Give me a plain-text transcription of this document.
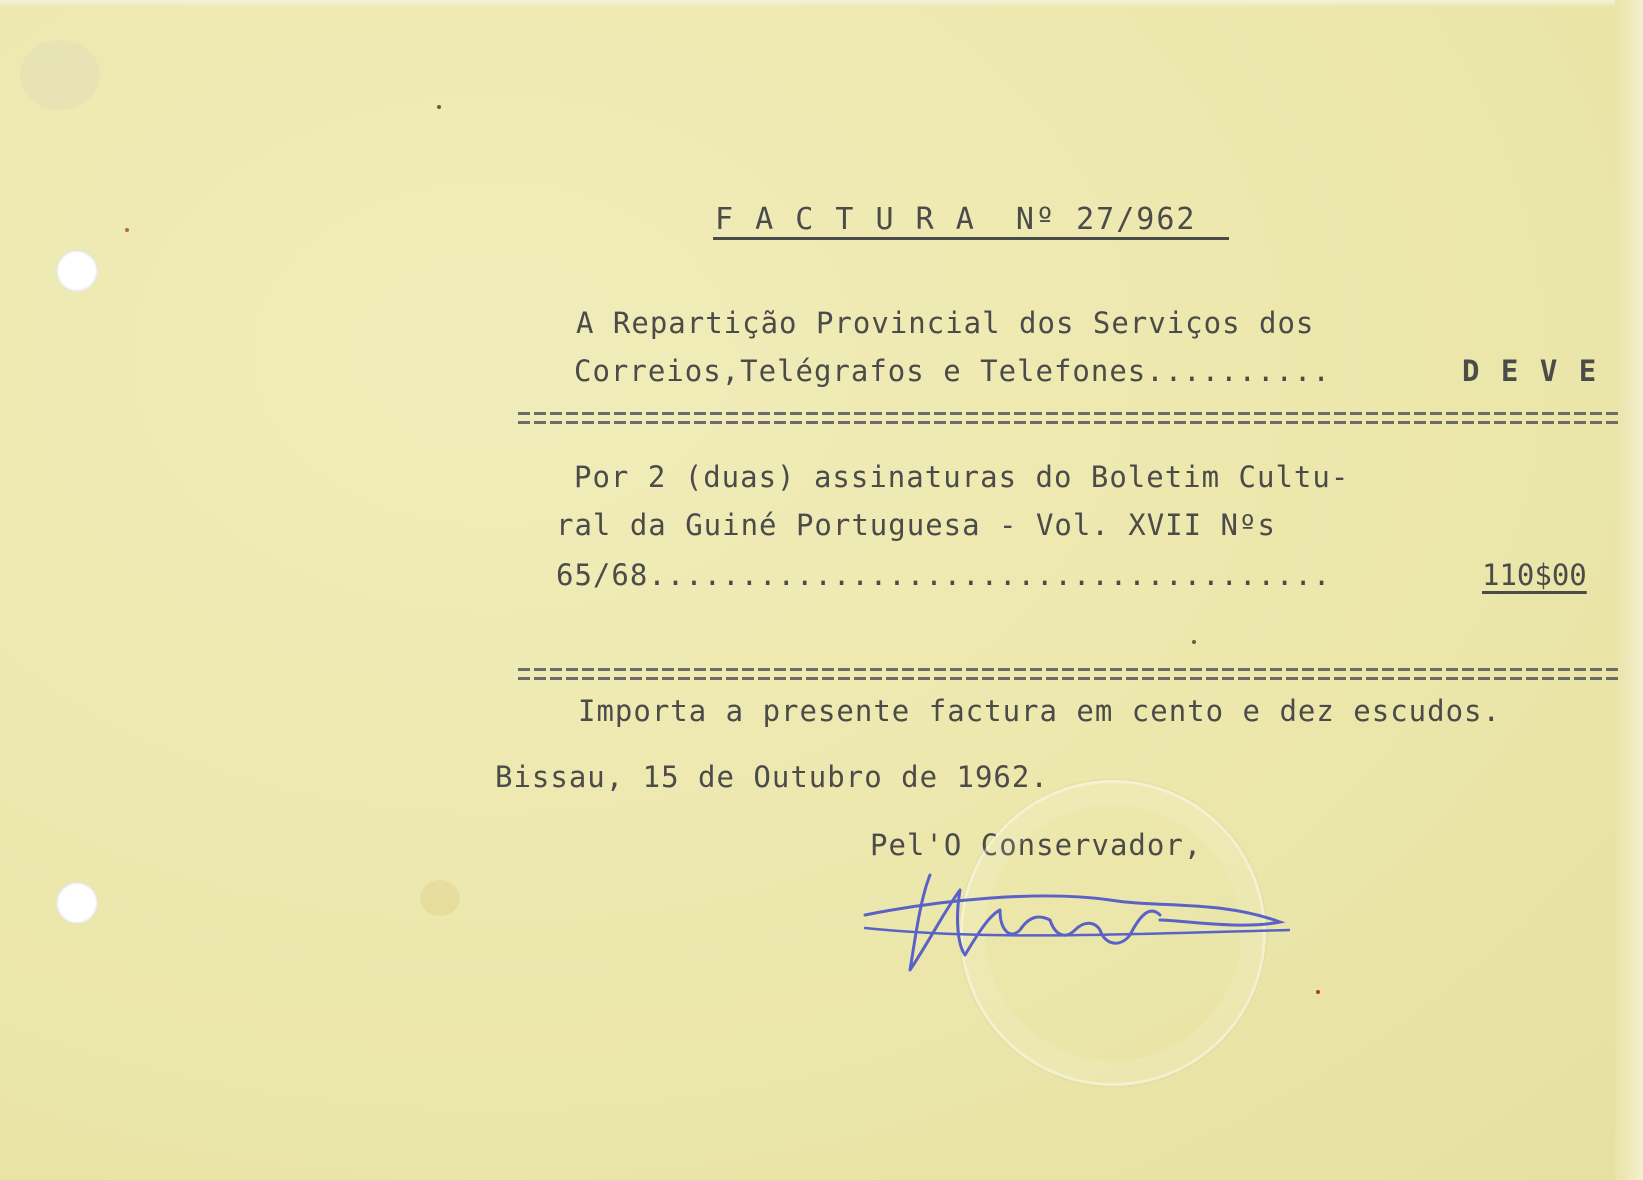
F A C T U R A  Nº 27/962
A Repartição Provincial dos Serviços dos
Correios,Telégrafos e Telefones..........	D E V E
Por 2 (duas) assinaturas do Boletim Cultu-
ral da Guiné Portuguesa - Vol. XVII Nºs
65/68.....................................	110$00
Importa a presente factura em cento e dez escudos.
Bissau, 15 de Outubro de 1962.
Pel'O Conservador,
